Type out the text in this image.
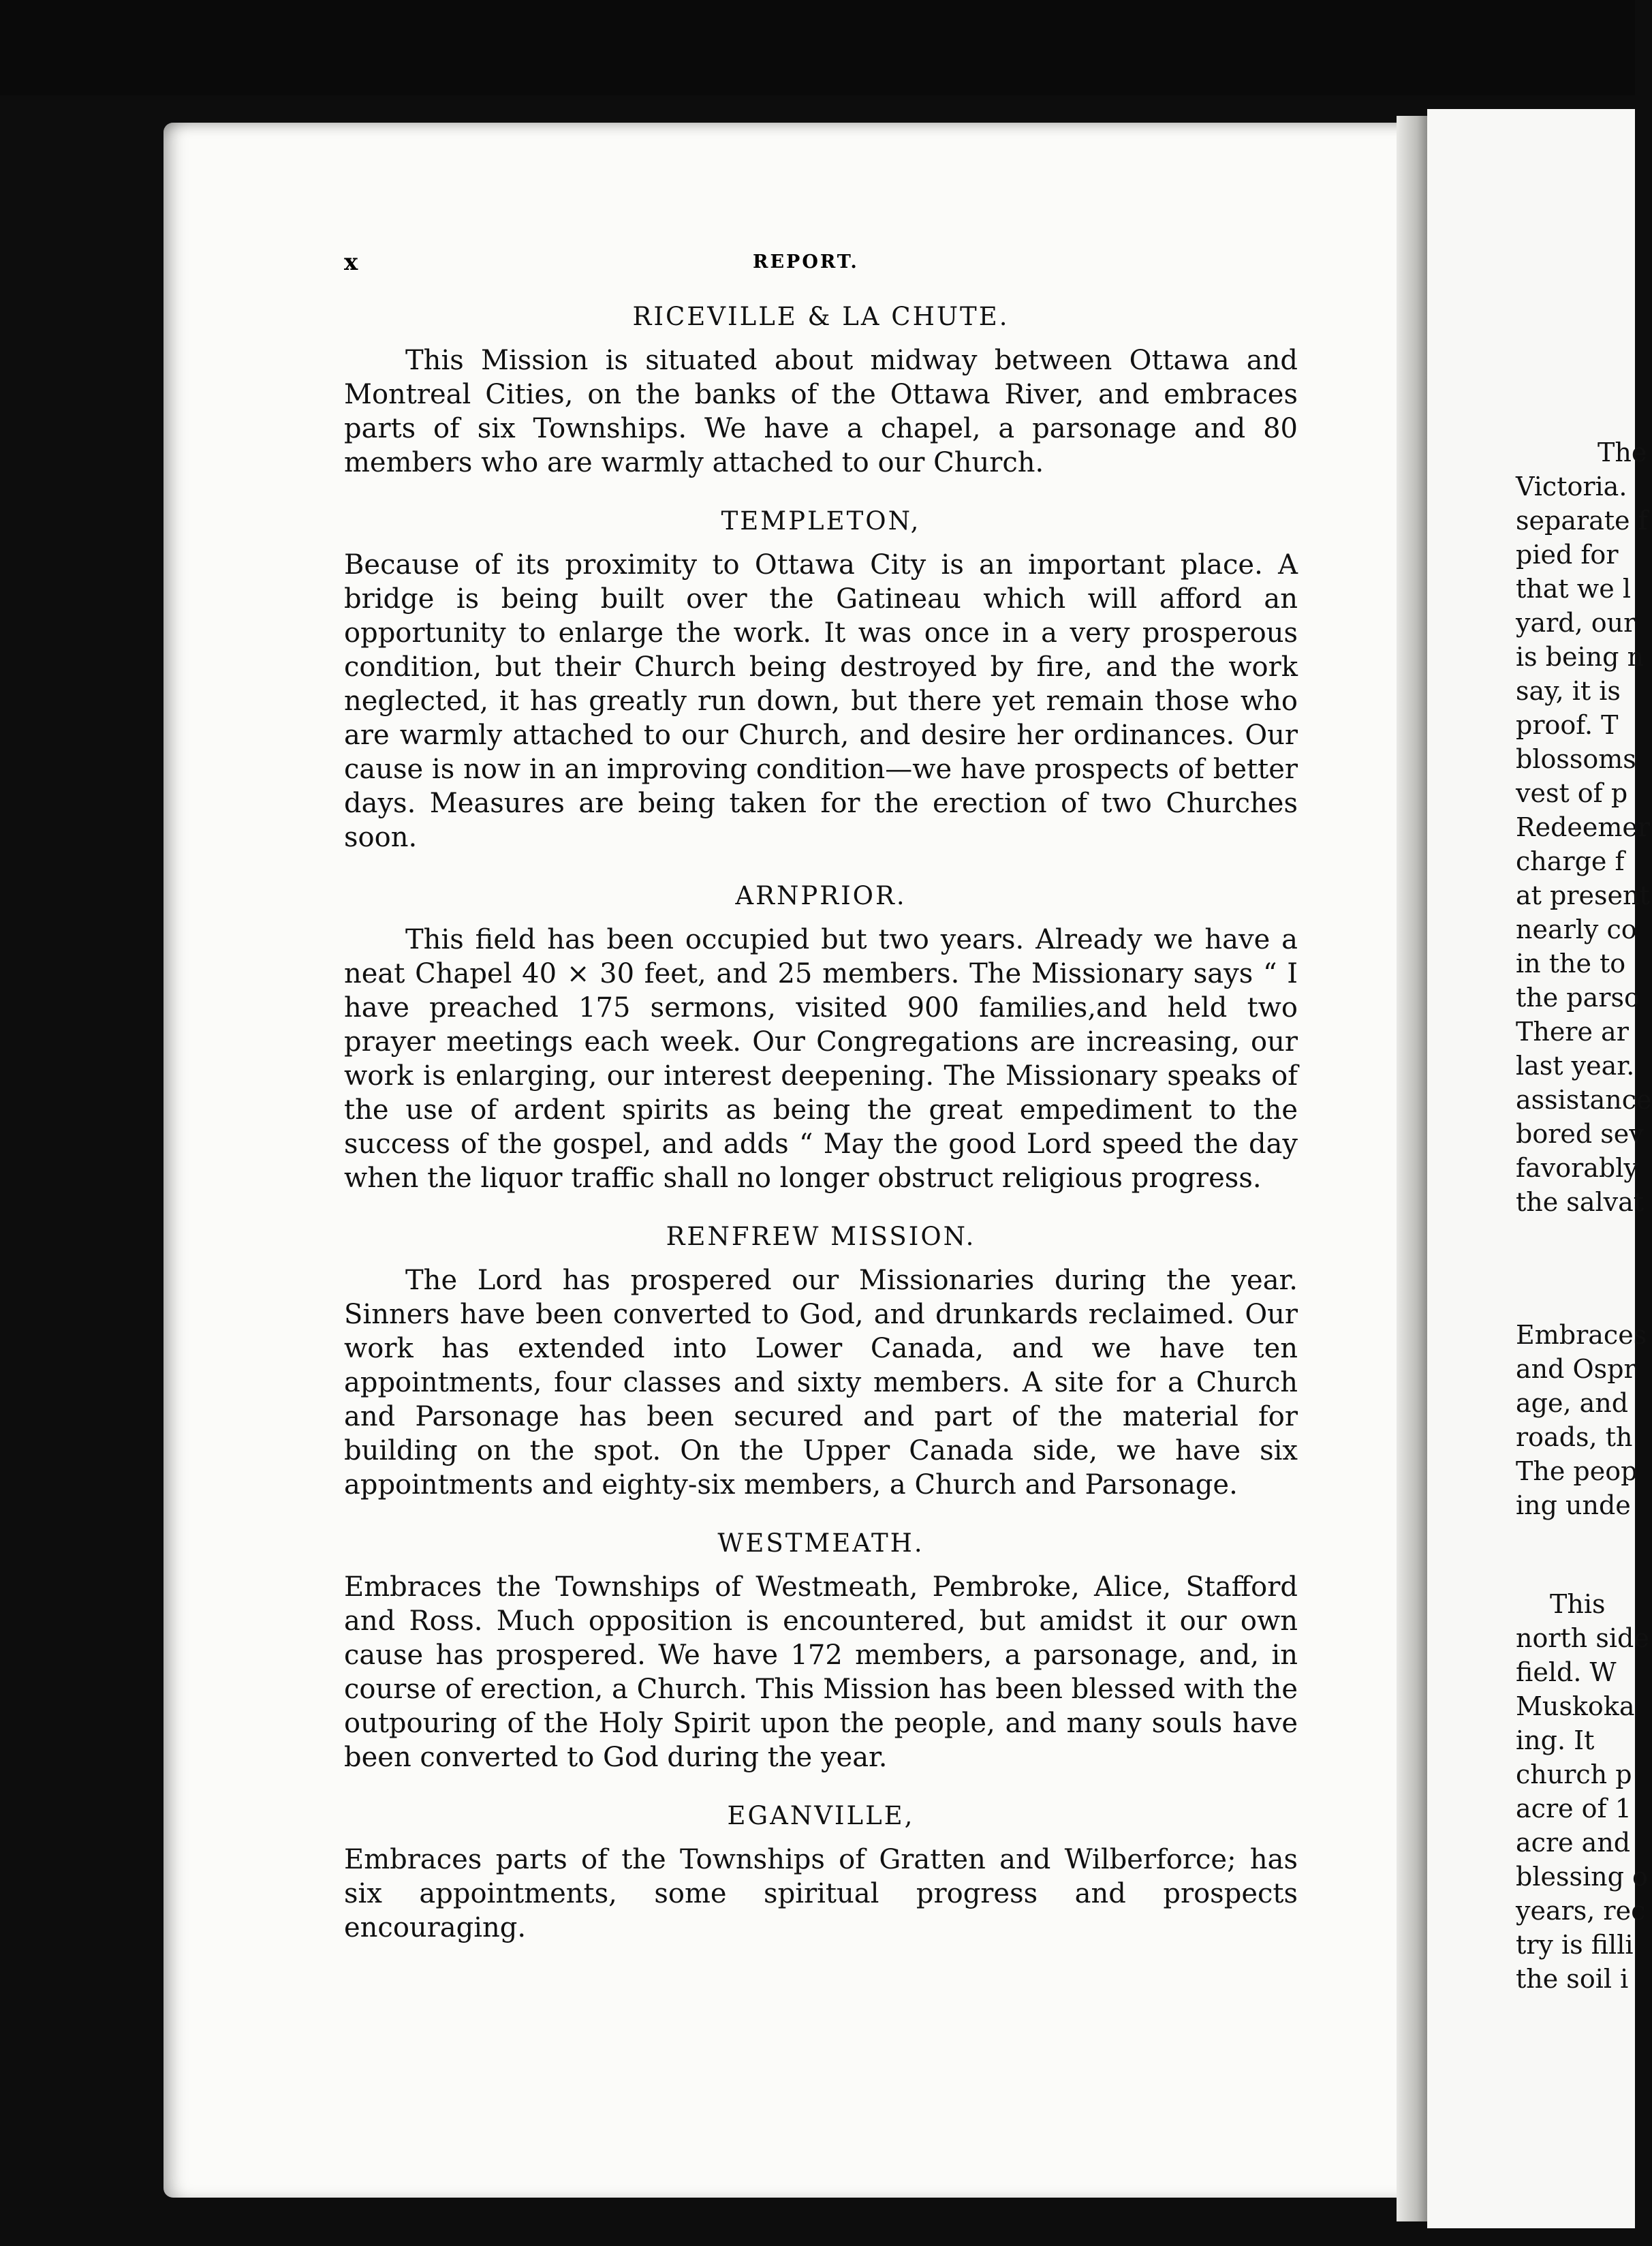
x	REPORT.
RICEVILLE & LA CHUTE.

This Mission is situated about midway between Ottawa and Montreal Cities, on the banks of the Ottawa River, and embraces parts of six Townships. We have a chapel, a parsonage and 80 members who are warmly attached to our Church.

TEMPLETON,

Because of its proximity to Ottawa City is an important place. A bridge is being built over the Gatineau which will afford an opportunity to enlarge the work. It was once in a very prosperous condition, but their Church being destroyed by fire, and the work neglected, it has greatly run down, but there yet remain those who are warmly attached to our Church, and desire her ordinances. Our cause is now in an improving condition—we have prospects of better days. Measures are being taken for the erection of two Churches soon.

ARNPRIOR.

This field has been occupied but two years. Already we have a neat Chapel 40 × 30 feet, and 25 members. The Missionary says “ I have preached 175 sermons, visited 900 families,and held two prayer meetings each week. Our Congregations are increasing, our work is enlarging, our interest deepening. The Missionary speaks of the use of ardent spirits as being the great empediment to the success of the gospel, and adds “ May the good Lord speed the day when the liquor traffic shall no longer obstruct religious progress.

RENFREW MISSION.

The Lord has prospered our Missionaries during the year. Sinners have been converted to God, and drunkards reclaimed. Our work has extended into Lower Canada, and we have ten appointments, four classes and sixty members. A site for a Church and Parsonage has been secured and part of the material for building on the spot. On the Upper Canada side, we have six appointments and eighty-six members, a Church and Parsonage.

WESTMEATH.

Embraces the Townships of Westmeath, Pembroke, Alice, Stafford and Ross. Much opposition is encountered, but amidst it our own cause has prospered. We have 172 members, a parsonage, and, in course of erection, a Church. This Mission has been blessed with the outpouring of the Holy Spirit upon the people, and many souls have been converted to God during the year.

EGANVILLE,

Embraces parts of the Townships of Gratten and Wilberforce; has six appointments, some spiritual progress and prospects encouraging.

The
Victoria.
separate f
pied for
that we l
yard, our
is being n
say, it is
proof. T
blossoms
vest of p
Redeemer
charge f
at present
nearly co
in the to
the parso
There ar
last year.
assistance
bored sev
favorably
the salvat
Embraces
and Ospr
age, and
roads, th
The peop
ing unde
This
north side
field. W
Muskoka
ing. It
church p
acre of 1
acre and
blessing o
years, rec
try is filli
the soil i
